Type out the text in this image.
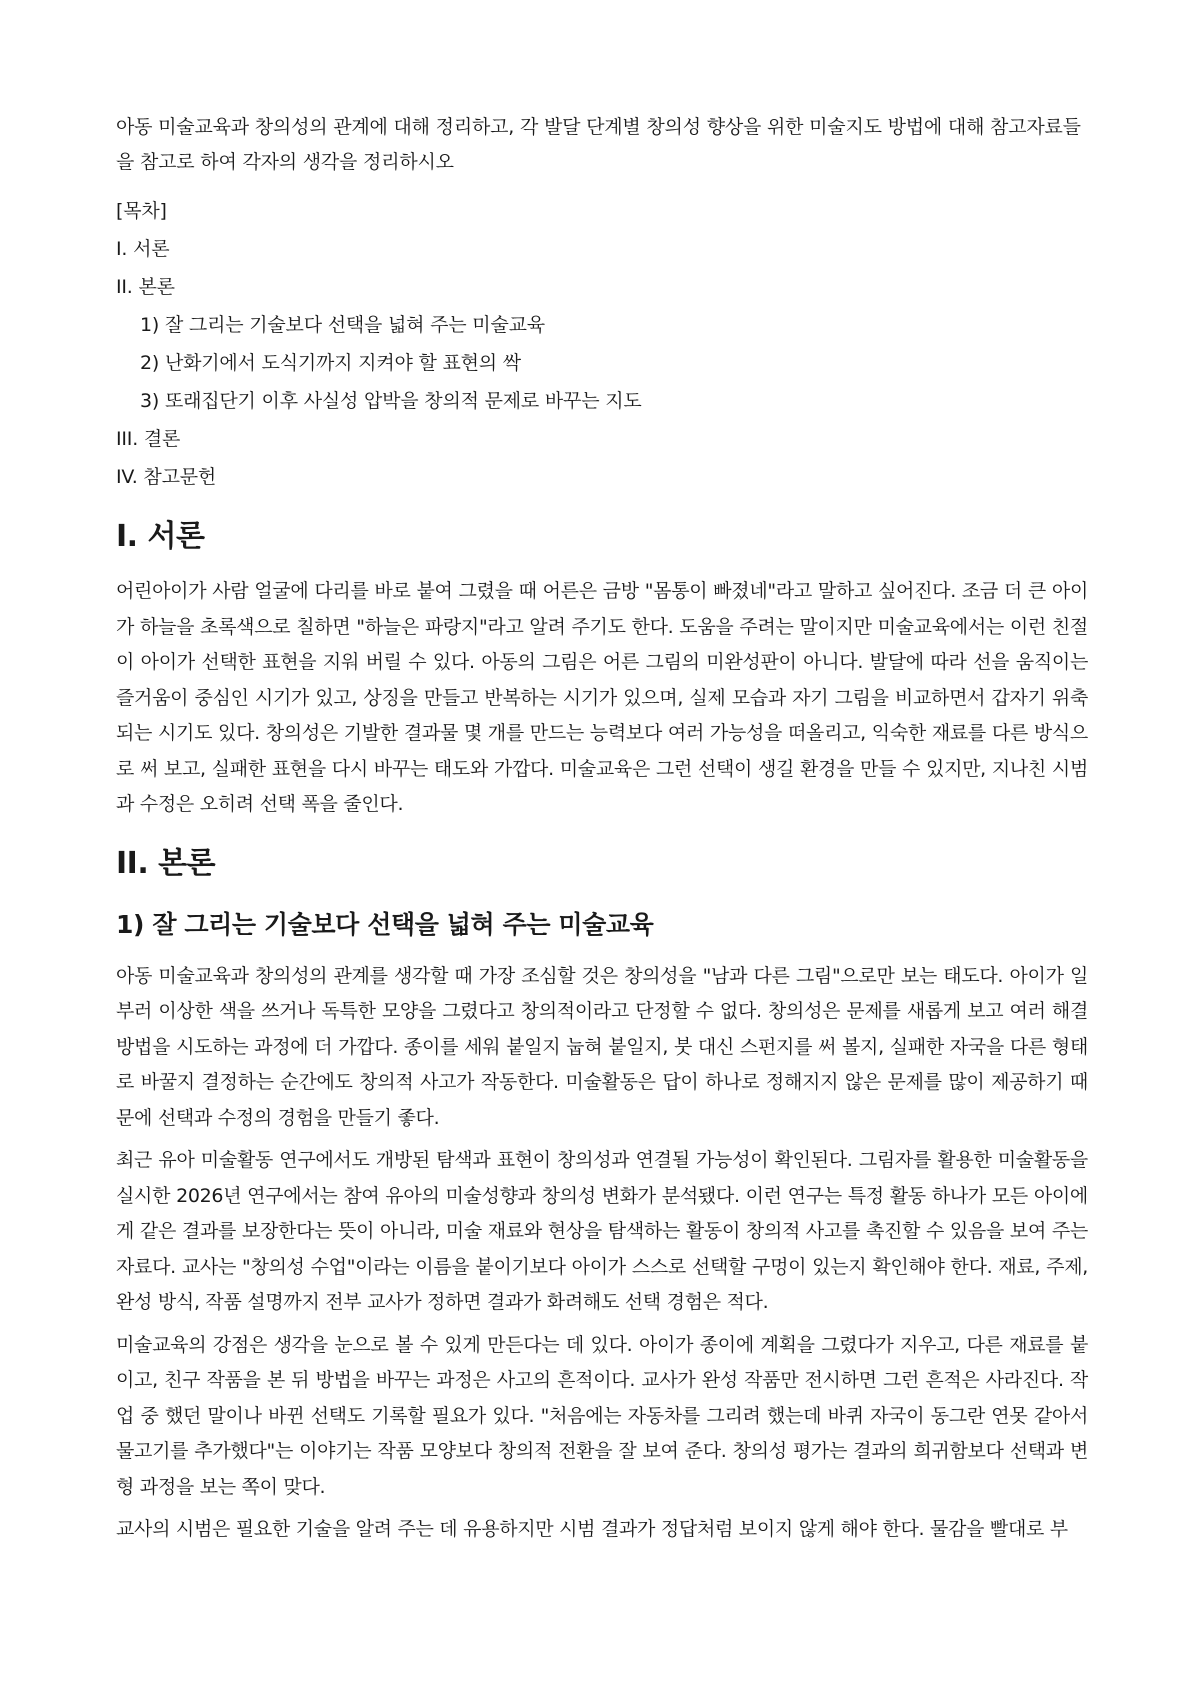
아동 미술교육과 창의성의 관계에 대해 정리하고, 각 발달 단계별 창의성 향상을 위한 미술지도 방법에 대해 참고자료들을 참고로 하여 각자의 생각을 정리하시오

[목차]
I. 서론
II. 본론
1) 잘 그리는 기술보다 선택을 넓혀 주는 미술교육
2) 난화기에서 도식기까지 지켜야 할 표현의 싹
3) 또래집단기 이후 사실성 압박을 창의적 문제로 바꾸는 지도
III. 결론
IV. 참고문헌
I. 서론

어린아이가 사람 얼굴에 다리를 바로 붙여 그렸을 때 어른은 금방 "몸통이 빠졌네"라고 말하고 싶어진다. 조금 더 큰 아이가 하늘을 초록색으로 칠하면 "하늘은 파랑지"라고 알려 주기도 한다. 도움을 주려는 말이지만 미술교육에서는 이런 친절이 아이가 선택한 표현을 지워 버릴 수 있다. 아동의 그림은 어른 그림의 미완성판이 아니다. 발달에 따라 선을 움직이는 즐거움이 중심인 시기가 있고, 상징을 만들고 반복하는 시기가 있으며, 실제 모습과 자기 그림을 비교하면서 갑자기 위축되는 시기도 있다. 창의성은 기발한 결과물 몇 개를 만드는 능력보다 여러 가능성을 떠올리고, 익숙한 재료를 다른 방식으로 써 보고, 실패한 표현을 다시 바꾸는 태도와 가깝다. 미술교육은 그런 선택이 생길 환경을 만들 수 있지만, 지나친 시범과 수정은 오히려 선택 폭을 줄인다.

II. 본론
1) 잘 그리는 기술보다 선택을 넓혀 주는 미술교육

아동 미술교육과 창의성의 관계를 생각할 때 가장 조심할 것은 창의성을 "남과 다른 그림"으로만 보는 태도다. 아이가 일부러 이상한 색을 쓰거나 독특한 모양을 그렸다고 창의적이라고 단정할 수 없다. 창의성은 문제를 새롭게 보고 여러 해결 방법을 시도하는 과정에 더 가깝다. 종이를 세워 붙일지 눕혀 붙일지, 붓 대신 스펀지를 써 볼지, 실패한 자국을 다른 형태로 바꿀지 결정하는 순간에도 창의적 사고가 작동한다. 미술활동은 답이 하나로 정해지지 않은 문제를 많이 제공하기 때문에 선택과 수정의 경험을 만들기 좋다.

최근 유아 미술활동 연구에서도 개방된 탐색과 표현이 창의성과 연결될 가능성이 확인된다. 그림자를 활용한 미술활동을 실시한 2026년 연구에서는 참여 유아의 미술성향과 창의성 변화가 분석됐다. 이런 연구는 특정 활동 하나가 모든 아이에게 같은 결과를 보장한다는 뜻이 아니라, 미술 재료와 현상을 탐색하는 활동이 창의적 사고를 촉진할 수 있음을 보여 주는 자료다. 교사는 "창의성 수업"이라는 이름을 붙이기보다 아이가 스스로 선택할 구멍이 있는지 확인해야 한다. 재료, 주제, 완성 방식, 작품 설명까지 전부 교사가 정하면 결과가 화려해도 선택 경험은 적다.

미술교육의 강점은 생각을 눈으로 볼 수 있게 만든다는 데 있다. 아이가 종이에 계획을 그렸다가 지우고, 다른 재료를 붙이고, 친구 작품을 본 뒤 방법을 바꾸는 과정은 사고의 흔적이다. 교사가 완성 작품만 전시하면 그런 흔적은 사라진다. 작업 중 했던 말이나 바뀐 선택도 기록할 필요가 있다. "처음에는 자동차를 그리려 했는데 바퀴 자국이 동그란 연못 같아서 물고기를 추가했다"는 이야기는 작품 모양보다 창의적 전환을 잘 보여 준다. 창의성 평가는 결과의 희귀함보다 선택과 변형 과정을 보는 쪽이 맞다.

교사의 시범은 필요한 기술을 알려 주는 데 유용하지만 시범 결과가 정답처럼 보이지 않게 해야 한다. 물감을 빨대로 부
